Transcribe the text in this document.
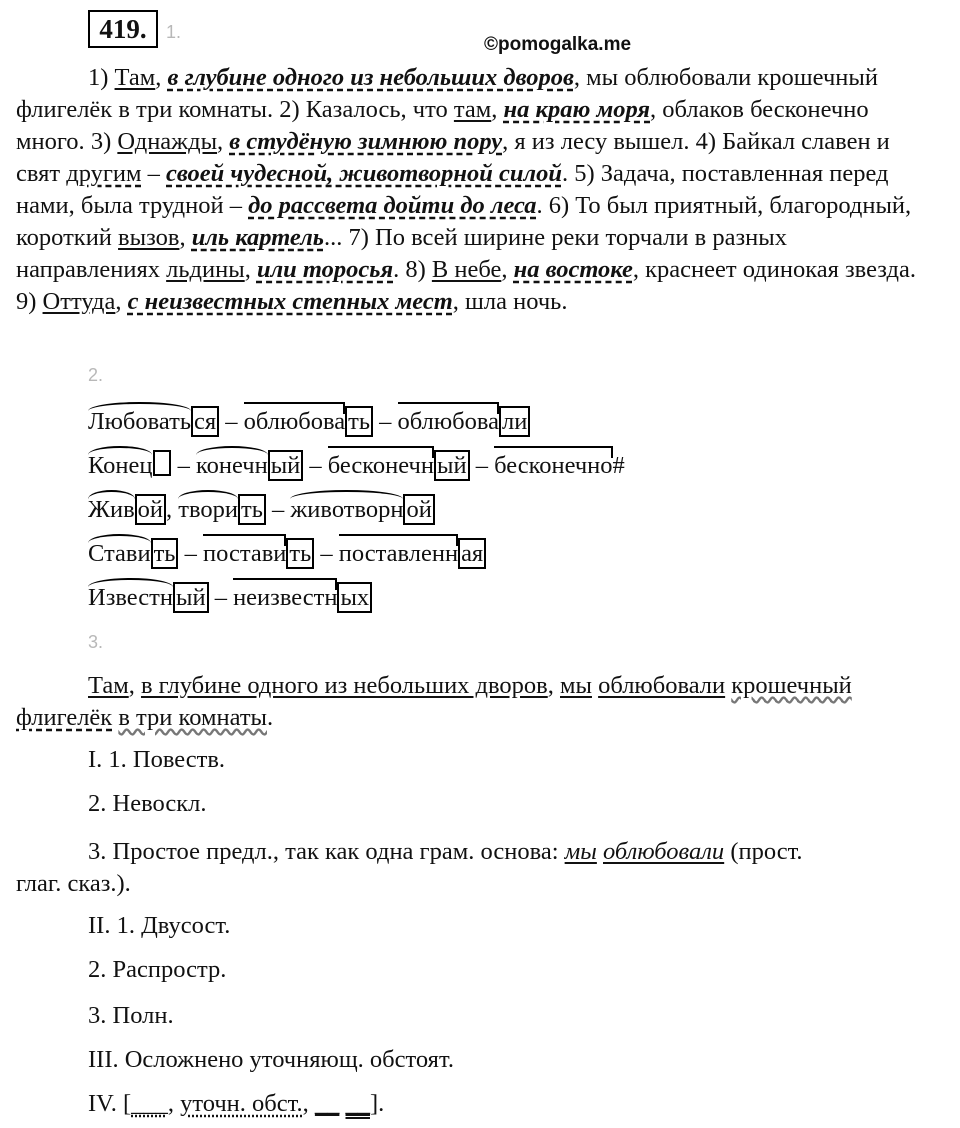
419.	1.
©pomogalka.me
1) Там, в глубине одного из небольших дворов, мы облюбовали крошечный флигелёк в три комнаты. 2) Казалось, что там, на краю моря, облаков бесконечно много. 3) Однажды, в студёную зимнюю пору, я из лесу вышел. 4) Байкал славен и свят другим – своей чудесной, животворной силой. 5) Задача, поставленная перед нами, была трудной – до рассвета дойти до леса. 6) То был приятный, благородный, короткий вызов, иль картель... 7) По всей ширине реки торчали в разных направлениях льдины, или торосья. 8) В небе, на востоке, краснеет одинокая звезда. 9) Оттуда, с неизвестных степных мест, шла ночь.
2.
Любовать ся – облюбова ть – облюбова ли
Конец – конечн ый – бесконечн ый – бесконечно#
Жив ой , твори ть – животворн ой
Стави ть – постави ть – поставленн ая
Известн ый – неизвестн ых
3.
Там, в глубине одного из небольших дворов, мы облюбовали крошечный флигелёк в три комнаты.
I. 1. Повеств.
2. Невоскл.
3. Простое предл., так как одна грам. основа: мы облюбовали (прост.
глаг. сказ.).
II. 1. Двусост.
2. Распростр.
3. Полн.
III. Осложнено уточняющ. обстоят.
IV. [___, уточн. обст., __ __].
